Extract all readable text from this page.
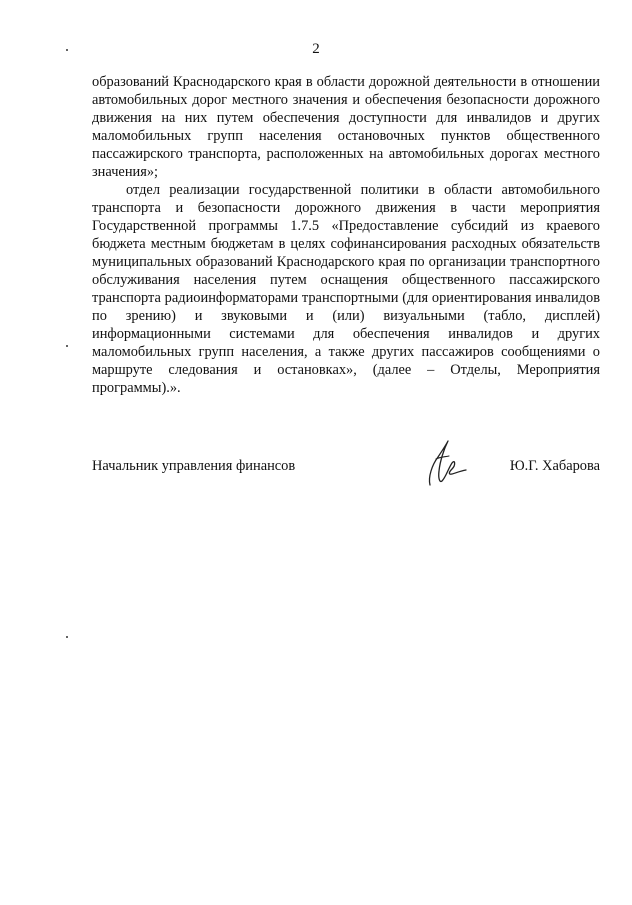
2

образований Краснодарского края в области дорожной деятельности в отношении автомобильных дорог местного значения и обеспечения безопасности дорожного движения на них путем обеспечения доступности для инвалидов и других маломобильных групп населения остановочных пунктов общественного пассажирского транспорта, расположенных на автомобильных дорогах местного значения»;

отдел реализации государственной политики в области автомобильного транспорта и безопасности дорожного движения в части мероприятия Государственной программы 1.7.5 «Предоставление субсидий из краевого бюджета местным бюджетам в целях софинансирования расходных обязательств муниципальных образований Краснодарского края по организации транспортного обслуживания населения путем оснащения общественного пассажирского транспорта радиоинформаторами транспортными (для ориентирования инвалидов по зрению) и звуковыми и (или) визуальными (табло, дисплей) информационными системами для обеспечения инвалидов и других маломобильных групп населения, а также других пассажиров сообщениями о маршруте следования и остановках», (далее – Отделы, Мероприятия программы).».

Начальник управления финансов	Ю.Г. Хабарова
